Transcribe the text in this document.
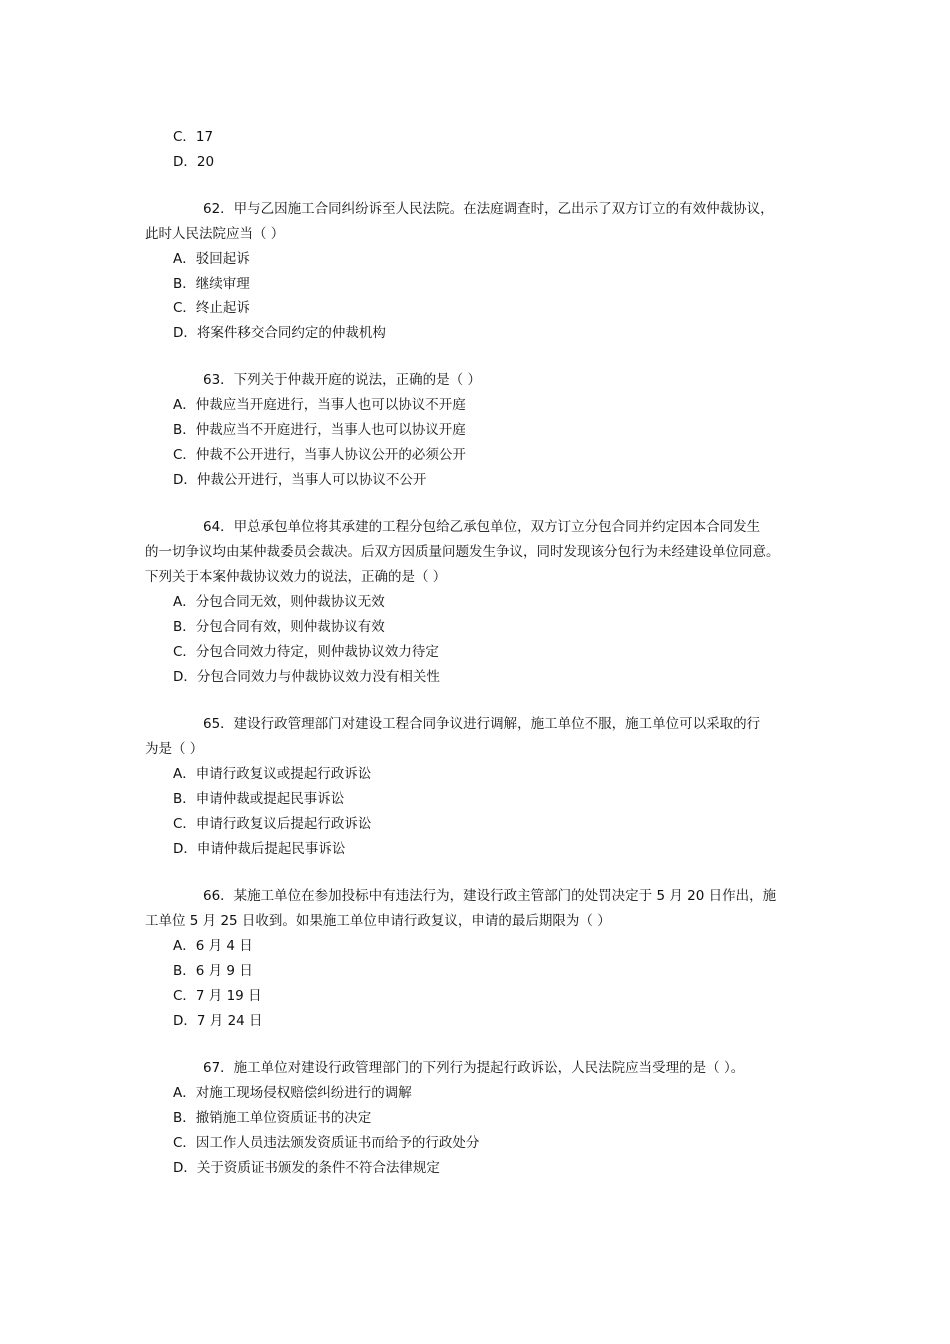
C．17
D．20
62．甲与乙因施工合同纠纷诉至人民法院。在法庭调查时，乙出示了双方订立的有效仲裁协议，
此时人民法院应当（ ）
A．驳回起诉
B．继续审理
C．终止起诉
D．将案件移交合同约定的仲裁机构
63．下列关于仲裁开庭的说法，正确的是（ ）
A．仲裁应当开庭进行，当事人也可以协议不开庭
B．仲裁应当不开庭进行，当事人也可以协议开庭
C．仲裁不公开进行，当事人协议公开的必须公开
D．仲裁公开进行，当事人可以协议不公开
64．甲总承包单位将其承建的工程分包给乙承包单位，双方订立分包合同并约定因本合同发生
的一切争议均由某仲裁委员会裁决。后双方因质量问题发生争议，同时发现该分包行为未经建设单位同意。
下列关于本案仲裁协议效力的说法，正确的是（ ）
A．分包合同无效，则仲裁协议无效
B．分包合同有效，则仲裁协议有效
C．分包合同效力待定，则仲裁协议效力待定
D．分包合同效力与仲裁协议效力没有相关性
65．建设行政管理部门对建设工程合同争议进行调解，施工单位不服，施工单位可以采取的行
为是（ ）
A．申请行政复议或提起行政诉讼
B．申请仲裁或提起民事诉讼
C．申请行政复议后提起行政诉讼
D．申请仲裁后提起民事诉讼
66．某施工单位在参加投标中有违法行为，建设行政主管部门的处罚决定于 5 月 20 日作出，施
工单位 5 月 25 日收到。如果施工单位申请行政复议，申请的最后期限为（ ）
A．6 月 4 日
B．6 月 9 日
C．7 月 19 日
D．7 月 24 日
67．施工单位对建设行政管理部门的下列行为提起行政诉讼，人民法院应当受理的是（ ）。
A．对施工现场侵权赔偿纠纷进行的调解
B．撤销施工单位资质证书的决定
C．因工作人员违法颁发资质证书而给予的行政处分
D．关于资质证书颁发的条件不符合法律规定
